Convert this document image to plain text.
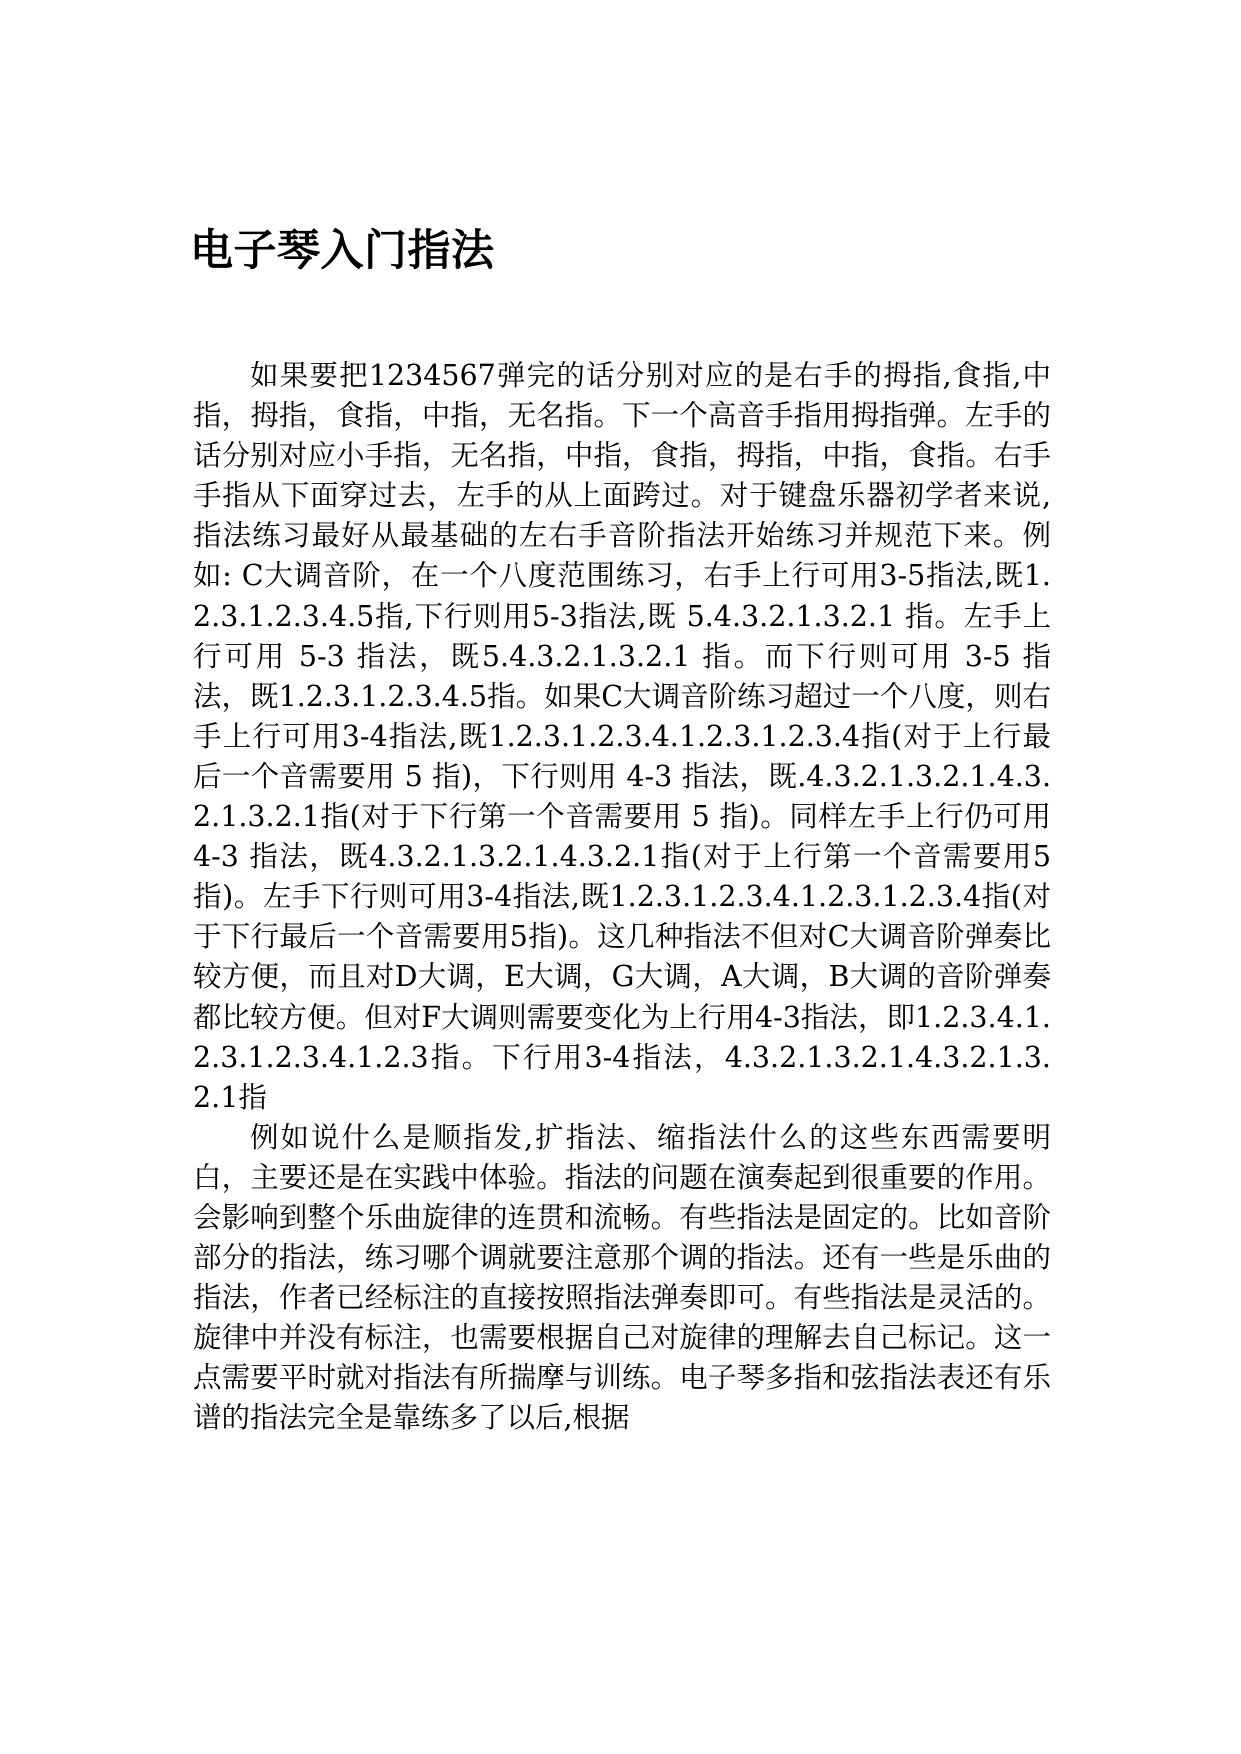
电子琴入门指法

如果要把1234567弹完的话分别对应的是右手的拇指,食指,中指，拇指，食指，中指，无名指。下一个高音手指用拇指弹。左手的话分别对应小手指，无名指，中指，食指，拇指，中指，食指。右手手指从下面穿过去，左手的从上面跨过。对于键盘乐器初学者来说,指法练习最好从最基础的左右手音阶指法开始练习并规范下来。例如: C大调音阶，在一个八度范围练习，右手上行可用3-5指法,既1.2.3.1.2.3.4.5指,下行则用5-3指法,既 5.4.3.2.1.3.2.1 指。左手上行可用 5-3 指法，既5.4.3.2.1.3.2.1 指。而下行则可用 3-5 指法，既1.2.3.1.2.3.4.5指。如果C大调音阶练习超过一个八度，则右手上行可用3-4指法,既1.2.3.1.2.3.4.1.2.3.1.2.3.4指(对于上行最后一个音需要用 5 指)，下行则用 4-3 指法，既.4.3.2.1.3.2.1.4.3.2.1.3.2.1指(对于下行第一个音需要用 5 指)。同样左手上行仍可用 4-3 指法，既4.3.2.1.3.2.1.4.3.2.1指(对于上行第一个音需要用5指)。左手下行则可用3-4指法,既1.2.3.1.2.3.4.1.2.3.1.2.3.4指(对于下行最后一个音需要用5指)。这几种指法不但对C大调音阶弹奏比较方便，而且对D大调，E大调，G大调，A大调，B大调的音阶弹奏都比较方便。但对F大调则需要变化为上行用4-3指法，即1.2.3.4.1.2.3.1.2.3.4.1.2.3指。下行用3-4指法，4.3.2.1.3.2.1.4.3.2.1.3.2.1指

例如说什么是顺指发,扩指法、缩指法什么的这些东西需要明白，主要还是在实践中体验。指法的问题在演奏起到很重要的作用。会影响到整个乐曲旋律的连贯和流畅。有些指法是固定的。比如音阶部分的指法，练习哪个调就要注意那个调的指法。还有一些是乐曲的指法，作者已经标注的直接按照指法弹奏即可。有些指法是灵活的。旋律中并没有标注，也需要根据自己对旋律的理解去自己标记。这一点需要平时就对指法有所揣摩与训练。电子琴多指和弦指法表还有乐谱的指法完全是靠练多了以后,根据
